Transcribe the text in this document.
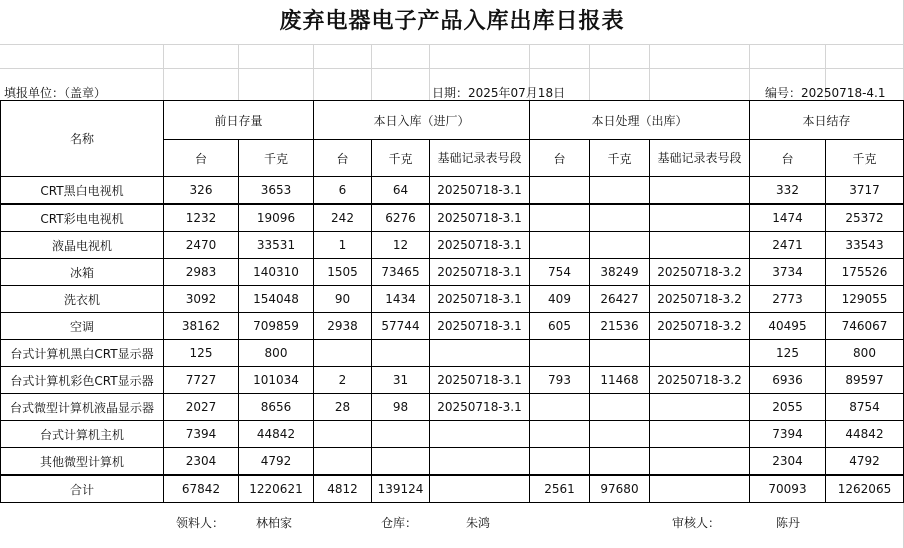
废弃电器电子产品入库出库日报表
填报单位：（盖章）	日期：2025年07月18日	编号：20250718-4.1
名称	前日存量		本日入库（进厂）			本日处理（出库）			本日结存	
	台	千克	台	千克	基础记录表号段	台	千克	基础记录表号段	台	千克
CRT黑白电视机	326	3653	6	64	20250718-3.1				332	3717
CRT彩电电视机	1232	19096	242	6276	20250718-3.1				1474	25372
液晶电视机	2470	33531	1	12	20250718-3.1				2471	33543
冰箱	2983	140310	1505	73465	20250718-3.1	754	38249	20250718-3.2	3734	175526
洗衣机	3092	154048	90	1434	20250718-3.1	409	26427	20250718-3.2	2773	129055
空调	38162	709859	2938	57744	20250718-3.1	605	21536	20250718-3.2	40495	746067
台式计算机黑白CRT显示器	125	800							125	800
台式计算机彩色CRT显示器	7727	101034	2	31	20250718-3.1	793	11468	20250718-3.2	6936	89597
台式微型计算机液晶显示器	2027	8656	28	98	20250718-3.1				2055	8754
台式计算机主机	7394	44842							7394	44842
其他微型计算机	2304	4792							2304	4792
合计	67842	1220621	4812	139124		2561	97680		70093	1262065
领料人：	林柏家	仓库：	朱鸿	审核人：	陈丹
